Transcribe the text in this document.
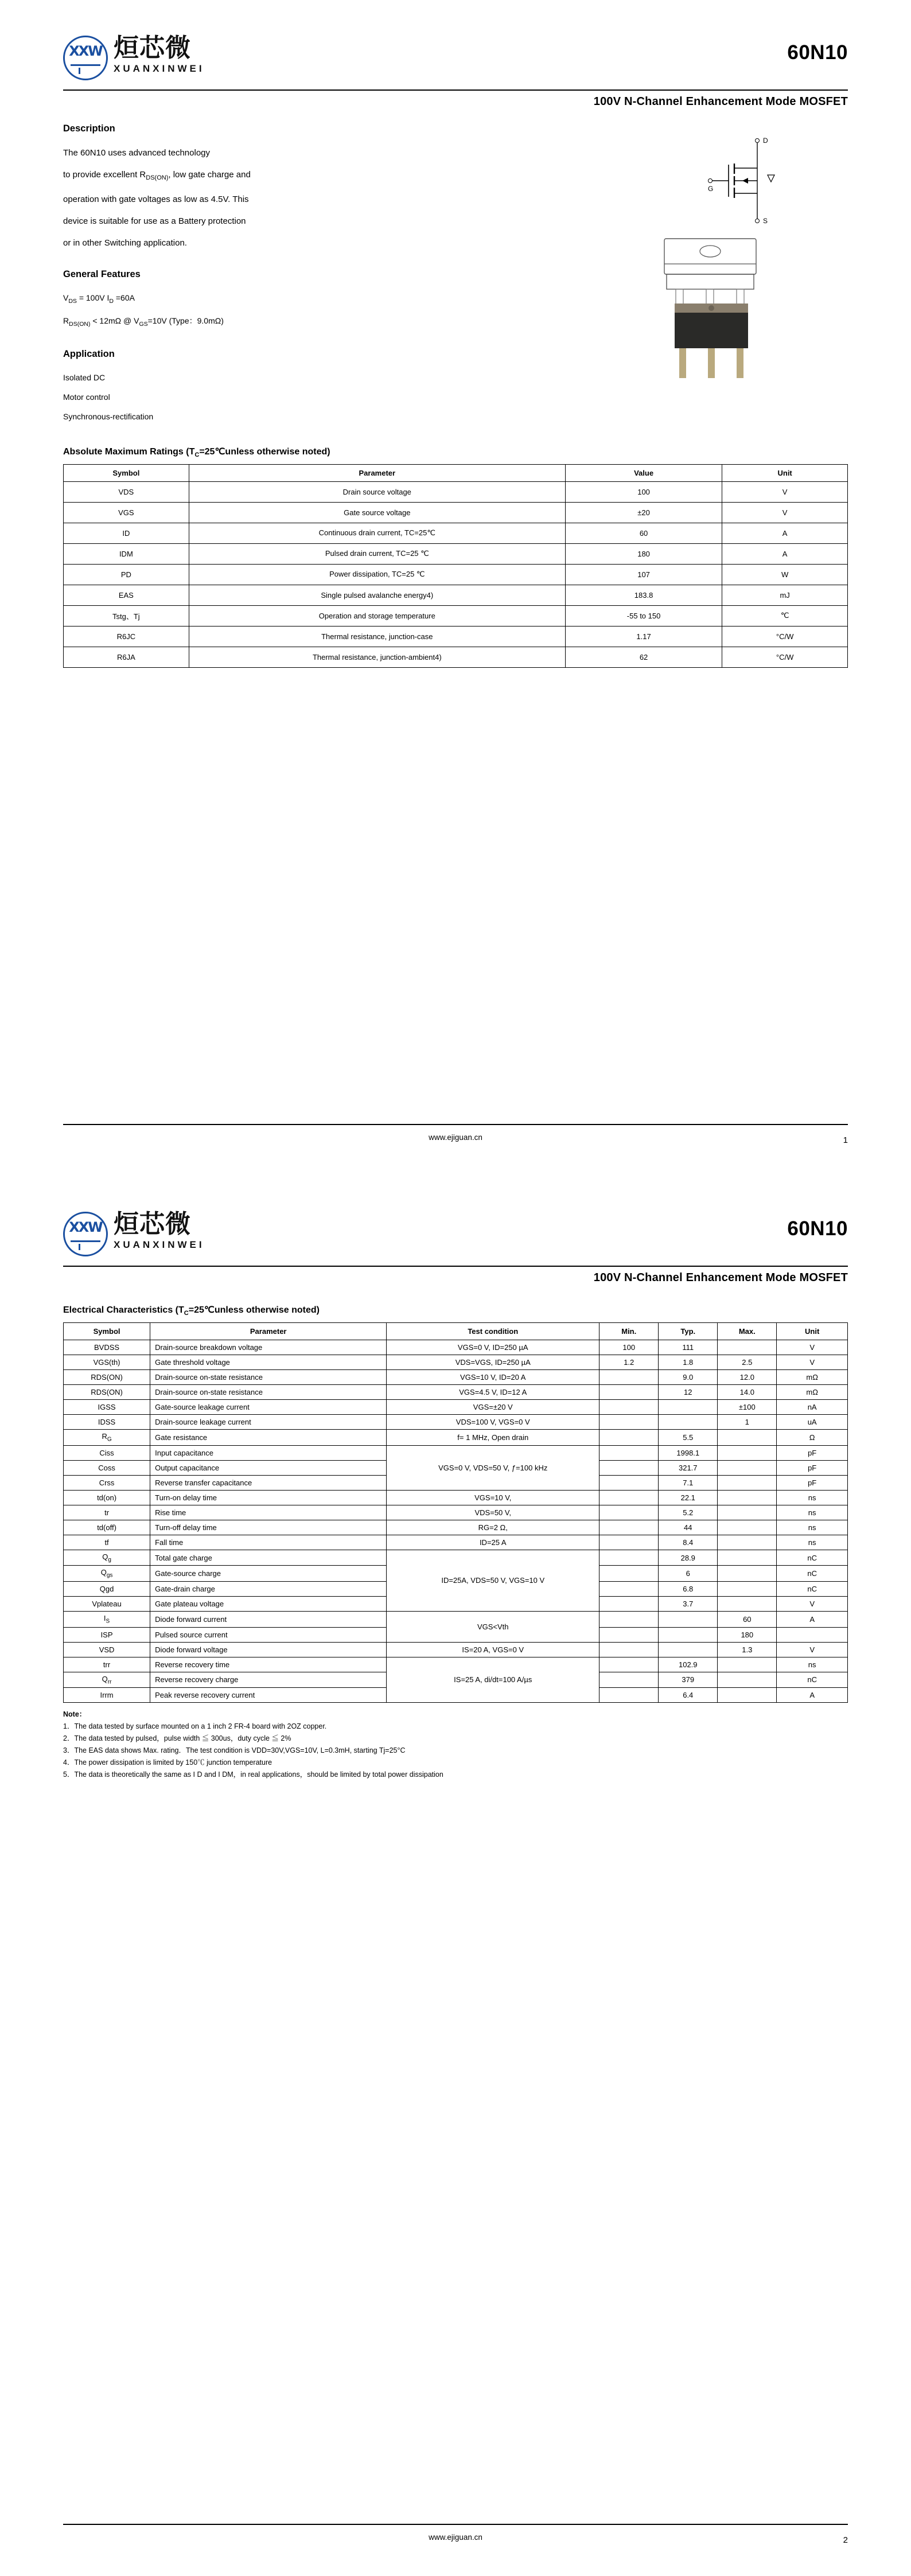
XXW 烜芯微
XUANXINWEI
60N10
100V N-Channel Enhancement Mode MOSFET
Description
The 60N10 uses advanced technology
to provide excellent $R_{DS(ON)}$, low gate charge and
operation with gate voltages as low as 4.5V. This
device is suitable for use as a Battery protection
or in other Switching application.
General Features
$V_{DS} = 100V$ $I_D =60A$
$R_{DS(ON)} < 12m\Omega$ @ $V_{GS}=10V$ (Type：9.0mΩ)
Application
Isolated DC
Motor control
Synchronous-rectification
D
S
G
Absolute Maximum Ratings ($T_C=25℃unless$ otherwise noted)
Symbol	Parameter	Value	Unit
VDS	Drain source voltage	100	V
VGS	Gate source voltage	±20	V
ID	Continuous drain current, TC=25℃	60	A
IDM	Pulsed drain current, TC=25 ℃	180	A
PD	Power dissipation, TC=25 ℃	107	W
EAS	Single pulsed avalanche energy4)	183.8	mJ
Tstg、Tj	Operation and storage temperature	-55 to 150	℃
R6JC	Thermal resistance, junction-case	1.17	°C/W
R6JA	Thermal resistance, junction-ambient4)	62	°C/W
www.ejiguan.cn	1
XXW 烜芯微
XUANXINWEI
60N10
100V N-Channel Enhancement Mode MOSFET
Electrical Characteristics ($T_C=25℃unless$ otherwise noted)
Symbol	Parameter	Test condition	Min.	Typ.	Max.	Unit
BVDSS	Drain-source breakdown voltage	VGS=0 V, ID=250 µA	100	111		V
VGS(th)	Gate threshold voltage	VDS=VGS, ID=250 µA	1.2	1.8	2.5	V
RDS(ON)	Drain-source on-state resistance	VGS=10 V, ID=20 A		9.0	12.0	mΩ
RDS(ON)	Drain-source on-state resistance	VGS=4.5 V, ID=12 A		12	14.0	mΩ
IGSS	Gate-source leakage current	VGS=±20 V			±100	nA
IDSS	Drain-source leakage current	VDS=100 V, VGS=0 V			1	uA
$R_G$	Gate resistance	f= 1 MHz, Open drain		5.5		Ω
Ciss	Input capacitance	VGS=0 V, VDS=50 V, ƒ=100 kHz		1998.1		pF
Coss	Output capacitance			321.7		pF
Crss	Reverse transfer capacitance			7.1		pF
td(on)	Turn-on delay time	VGS=10 V,		22.1		ns
tr	Rise time	VDS=50 V,		5.2		ns
td(off)	Turn-off delay time	RG=2 Ω,		44		ns
tf	Fall time	ID=25 A		8.4		ns
$Q_g$	Total gate charge	ID=25A, VDS=50 V, VGS=10 V		28.9		nC
$Q_{gs}$	Gate-source charge			6		nC
Qgd	Gate-drain charge			6.8		nC
Vplateau	Gate plateau voltage			3.7		V
$I_S$	Diode forward current	VGS<Vth			60	A
ISP	Pulsed source current				180	
VSD	Diode forward voltage	IS=20 A, VGS=0 V			1.3	V
trr	Reverse recovery time	IS=25 A, di/dt=100 A/µs		102.9		ns
$Q_{rr}$	Reverse recovery charge			379		nC
Irrm	Peak reverse recovery current			6.4		A
Note：
1．The data tested by surface mounted on a 1 inch 2 FR-4 board with 2OZ copper.
2．The data tested by pulsed，pulse width ≦ 300us，duty cycle ≦ 2%
3．The EAS data shows Max. rating．The test condition is VDD=30V,VGS=10V, L=0.3mH, starting Tj=25°C
4．The power dissipation is limited by 150℃ junction temperature
5．The data is theoretically the same as I D and I DM，in real applications，should be limited by total power dissipation
www.ejiguan.cn	2
